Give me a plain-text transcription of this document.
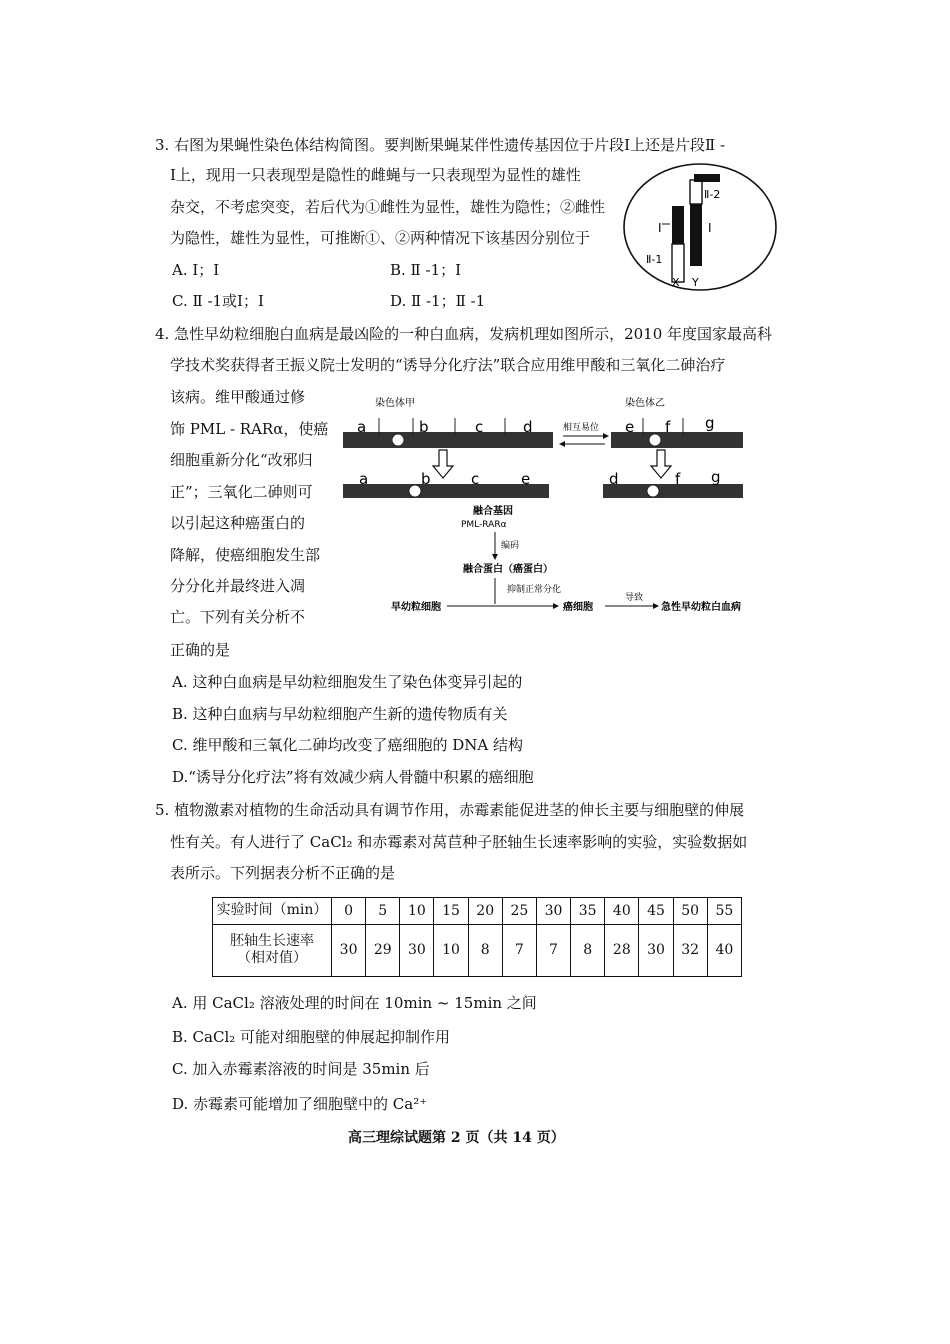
3. 右图为果蝇性染色体结构简图。要判断果蝇某伴性遗传基因位于片段Ⅰ上还是片段Ⅱ -
Ⅰ上，现用一只表现型是隐性的雌蝇与一只表现型为显性的雄性
杂交，不考虑突变，若后代为①雌性为显性，雄性为隐性；②雌性
为隐性，雄性为显性，可推断①、②两种情况下该基因分别位于
A. Ⅰ；Ⅰ	B. Ⅱ -1；Ⅰ
C. Ⅱ -1或Ⅰ；Ⅰ	D. Ⅱ -1；Ⅱ -1
Ⅰ	Ⅰ
Ⅱ-1
Ⅱ-2
X Y
4. 急性早幼粒细胞白血病是最凶险的一种白血病，发病机理如图所示，2010 年度国家最高科
学技术奖获得者王振义院士发明的“诱导分化疗法”联合应用维甲酸和三氧化二砷治疗
该病。维甲酸通过修
饰 PML - RARα，使癌
细胞重新分化“改邪归
正”；三氧化二砷则可
以引起这种癌蛋白的
降解，使癌细胞发生部
分分化并最终进入凋
亡。下列有关分析不
正确的是
染色体甲	染色体乙
a	b	c	d	相互易位 e f g
a	b	c	e	d	f g
融合基因
PML-RARα
编码
融合蛋白（癌蛋白）
抑制正常分化
早幼粒细胞	癌细胞
导致
急性早幼粒白血病
A. 这种白血病是早幼粒细胞发生了染色体变异引起的
B. 这种白血病与早幼粒细胞产生新的遗传物质有关
C. 维甲酸和三氧化二砷均改变了癌细胞的 DNA 结构
D.“诱导分化疗法”将有效减少病人骨髓中积累的癌细胞
5. 植物激素对植物的生命活动具有调节作用，赤霉素能促进茎的伸长主要与细胞壁的伸展
性有关。有人进行了 CaCl₂ 和赤霉素对莴苣种子胚轴生长速率影响的实验，实验数据如
表所示。下列据表分析不正确的是
实验时间（min）	0	5	10	15	20	25	30	35	40	45	50	55

胚轴生长速率
（相对值）	30	29	30	10	8	7	7	8	28	30	32	40
A. 用 CaCl₂ 溶液处理的时间在 10min ~ 15min 之间
B. CaCl₂ 可能对细胞壁的伸展起抑制作用
C. 加入赤霉素溶液的时间是 35min 后
D. 赤霉素可能增加了细胞壁中的 Ca²⁺
高三理综试题第 2 页（共 14 页）
